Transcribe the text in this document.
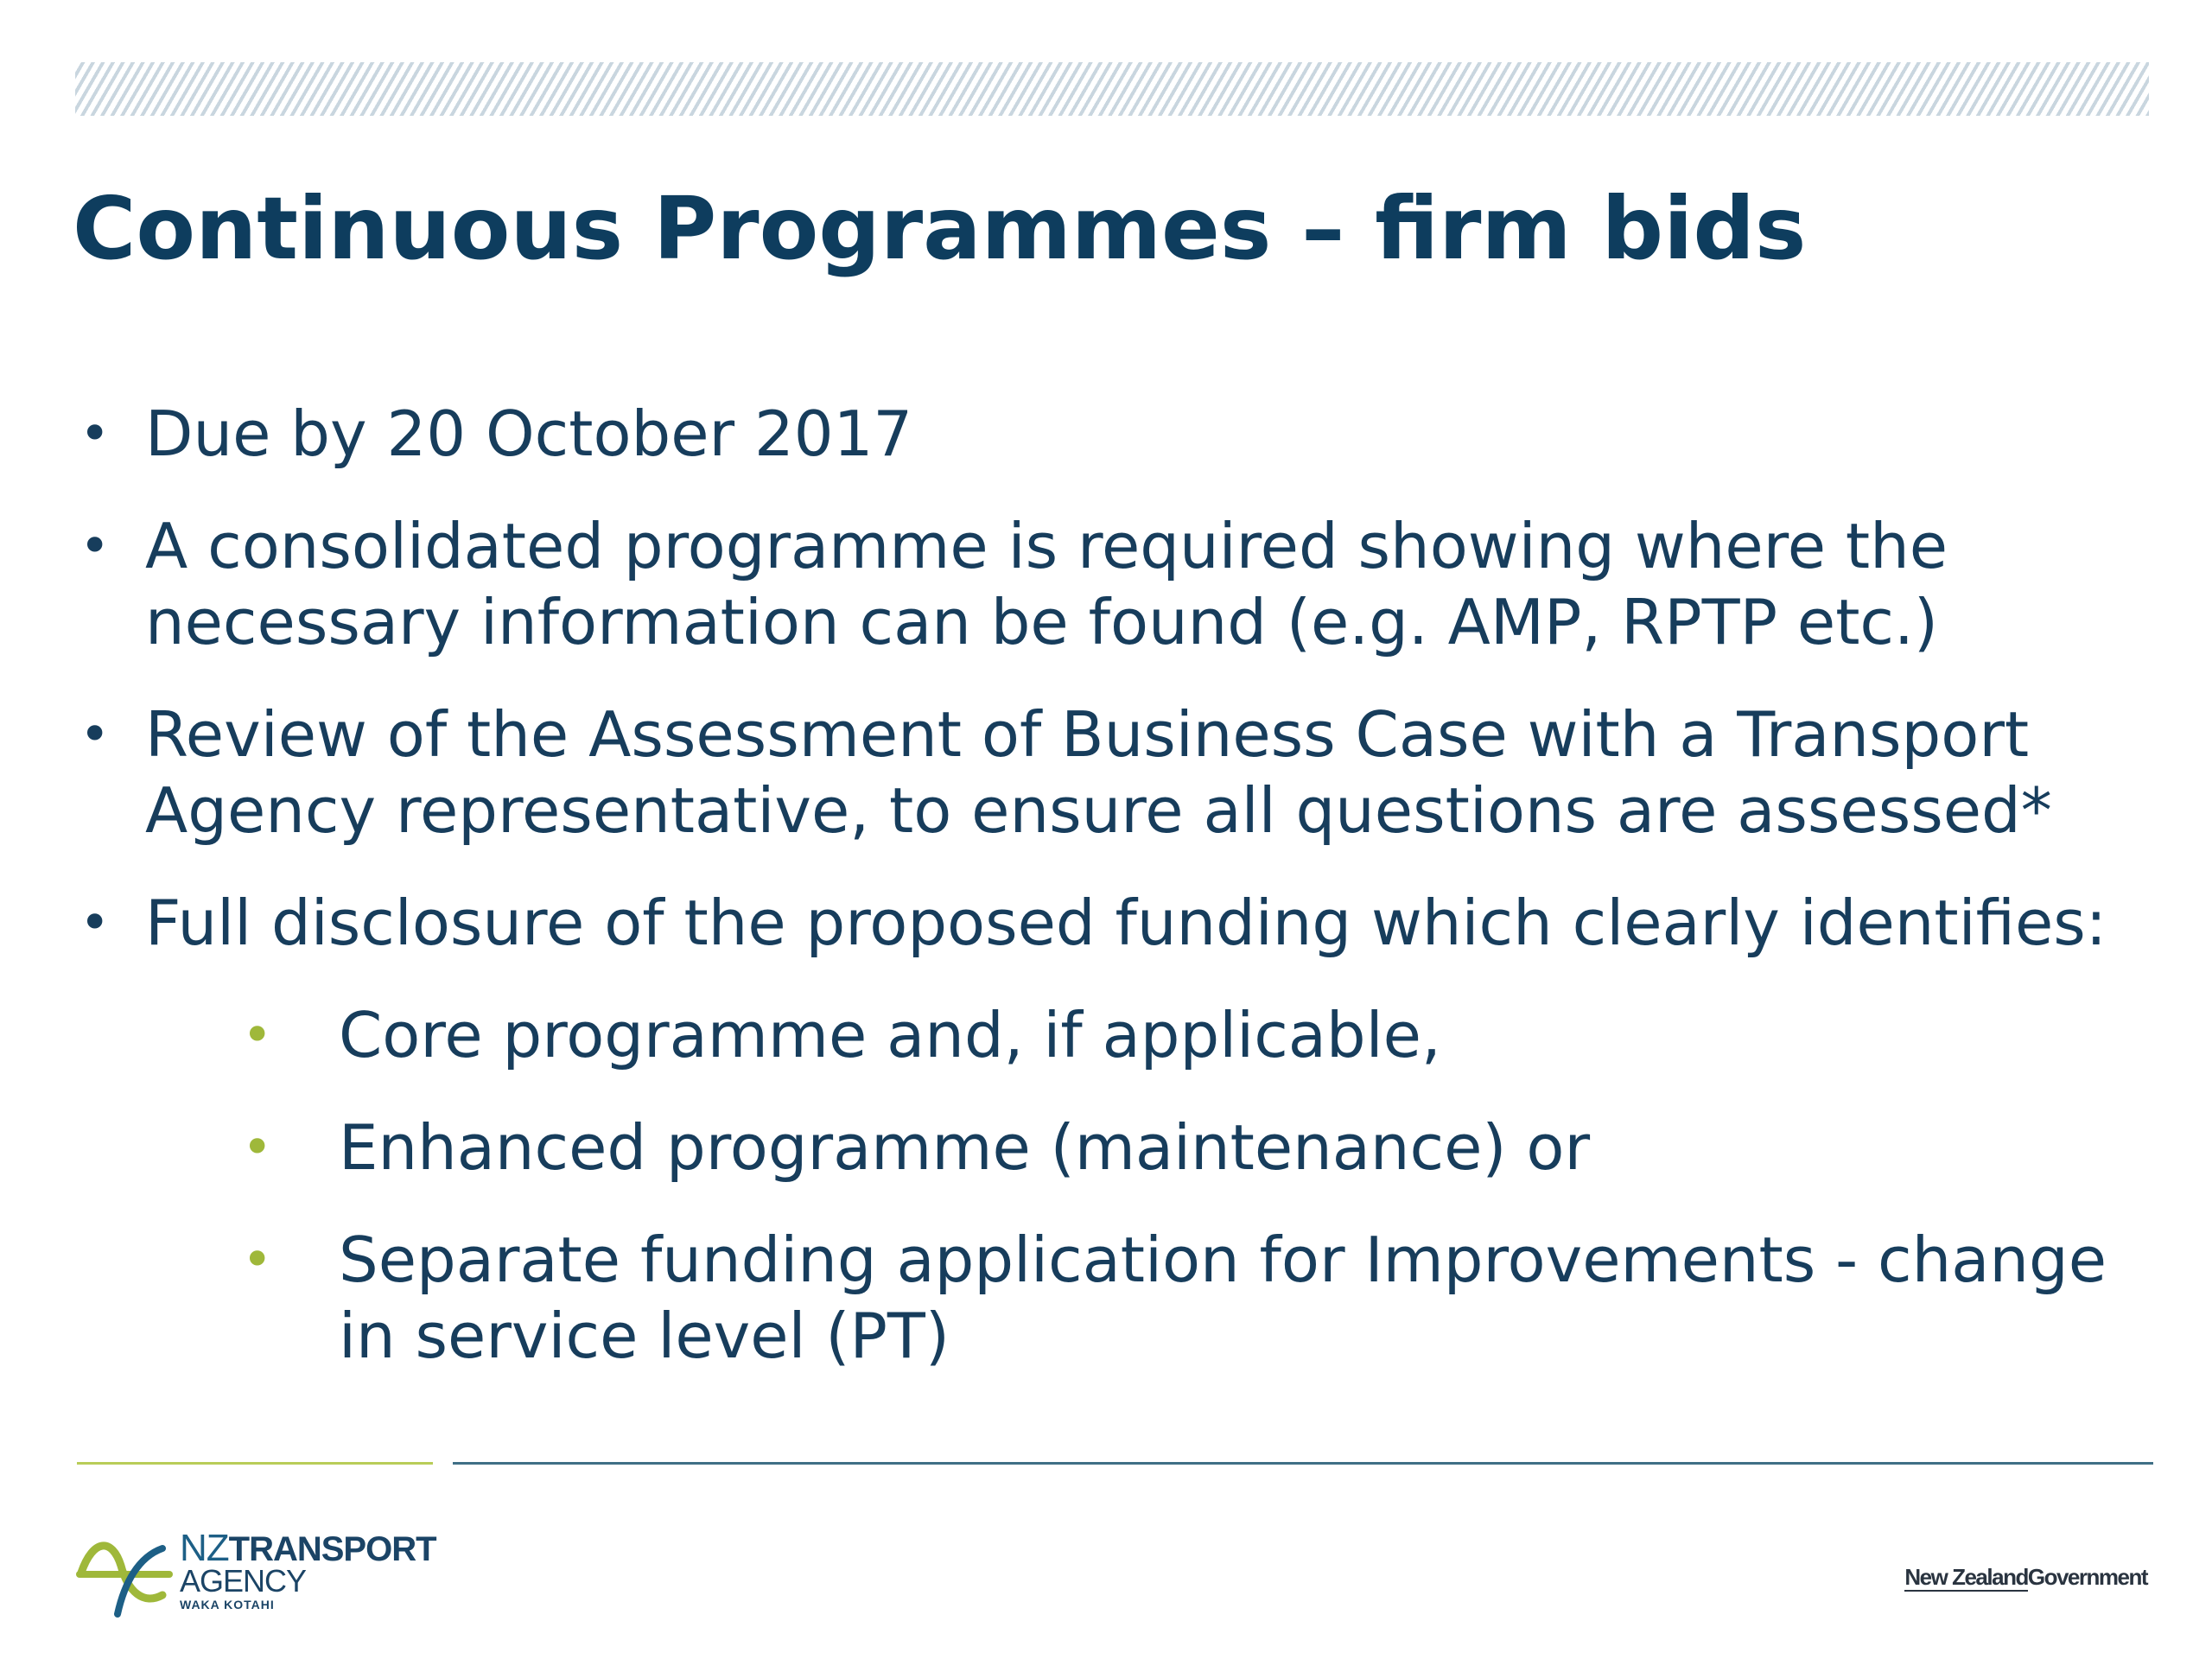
Continuous Programmes – firm bids
• Due by 20 October 2017
• A consolidated programme is required showing where the necessary information can be found (e.g. AMP, RPTP etc.)
• Review of the Assessment of Business Case with a Transport Agency representative, to ensure all questions are assessed*
• Full disclosure of the proposed funding which clearly identifies:
• Core programme and, if applicable,
• Enhanced programme (maintenance) or
• Separate funding application for Improvements - change in service level (PT)
NZTRANSPORT
AGENCY
WAKA KOTAHI
New ZealandGovernment
